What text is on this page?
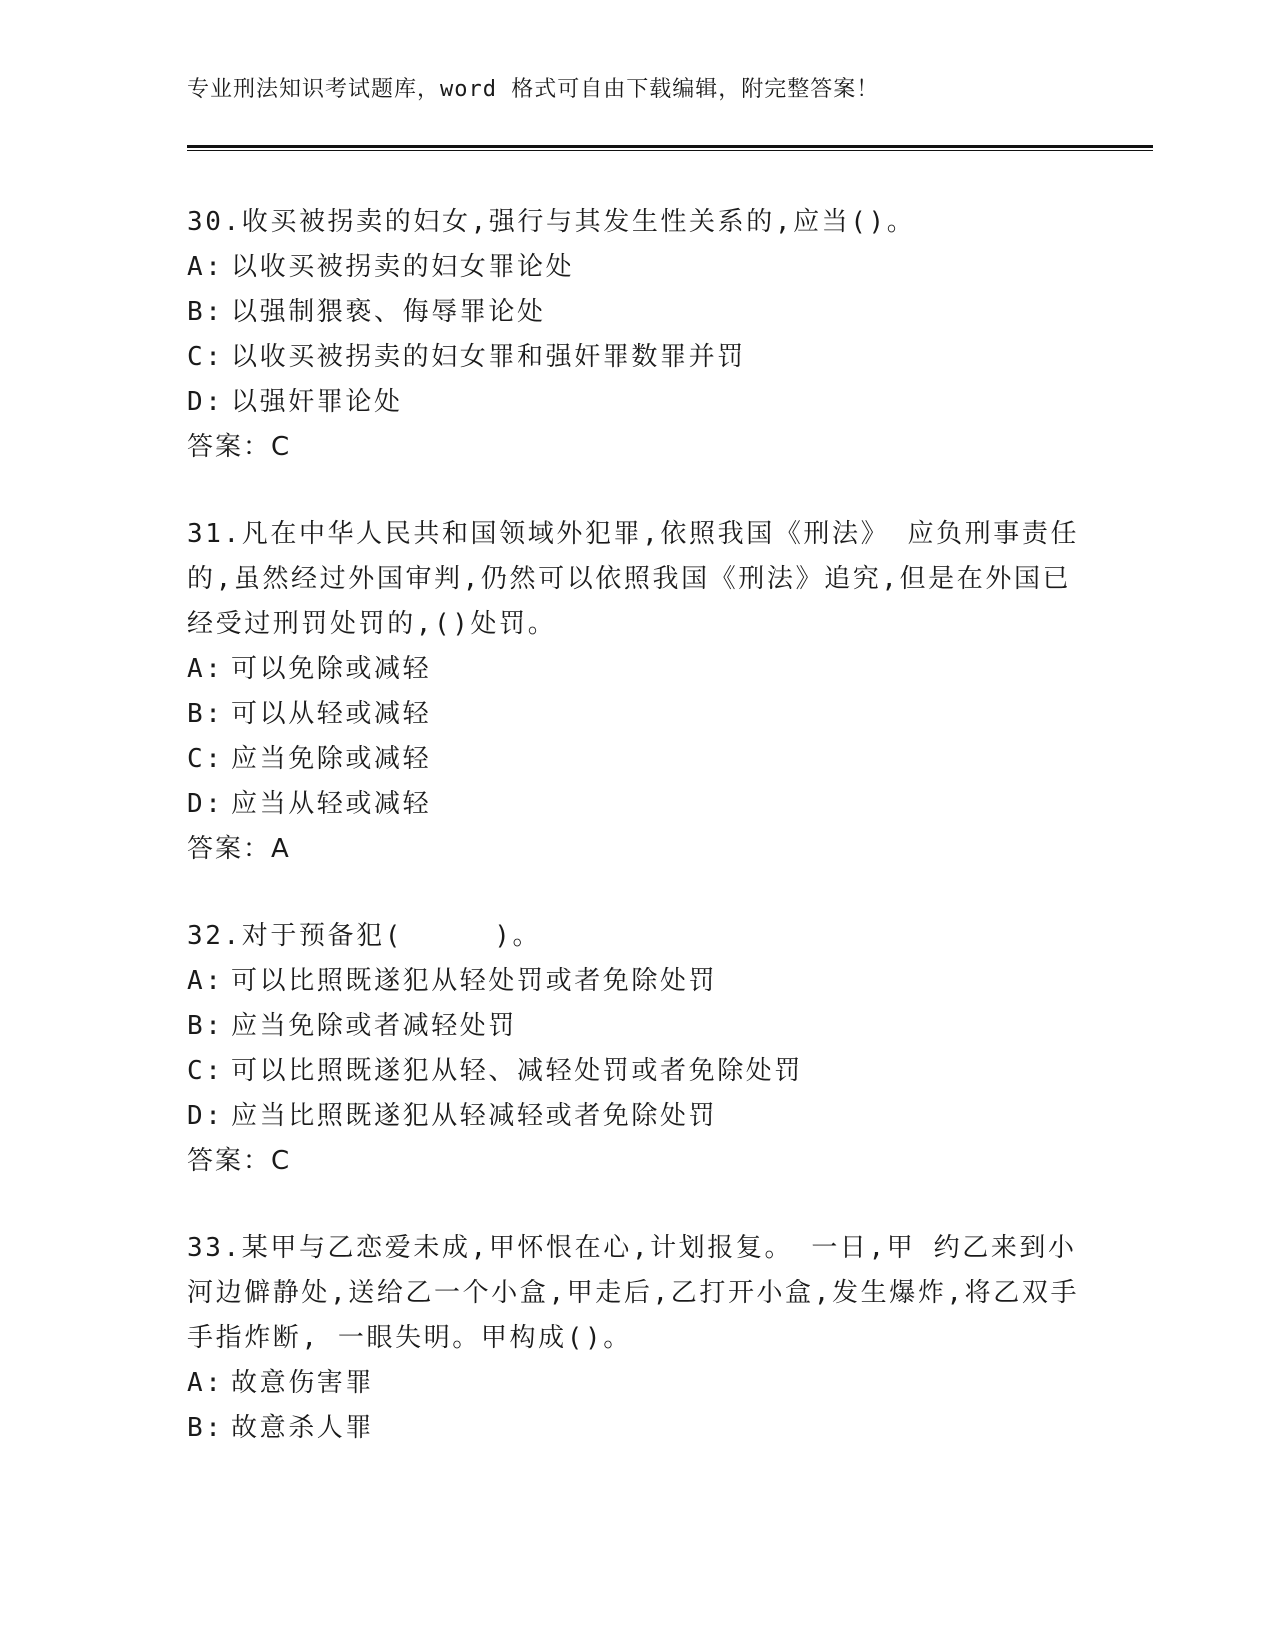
专业刑法知识考试题库，word 格式可自由下载编辑，附完整答案！
30.收买被拐卖的妇女,强行与其发生性关系的,应当()。
A: 以收买被拐卖的妇女罪论处
B: 以强制猥亵、侮辱罪论处
C: 以收买被拐卖的妇女罪和强奸罪数罪并罚
D: 以强奸罪论处
答案：C
31.凡在中华人民共和国领域外犯罪,依照我国《刑法》 应负刑事责任
的,虽然经过外国审判,仍然可以依照我国《刑法》追究,但是在外国已
经受过刑罚处罚的,()处罚。
A: 可以免除或减轻
B: 可以从轻或减轻
C: 应当免除或减轻
D: 应当从轻或减轻
答案：A
32.对于预备犯(     )。
A: 可以比照既遂犯从轻处罚或者免除处罚
B: 应当免除或者减轻处罚
C: 可以比照既遂犯从轻、减轻处罚或者免除处罚
D: 应当比照既遂犯从轻减轻或者免除处罚
答案：C
33.某甲与乙恋爱未成,甲怀恨在心,计划报复。 一日,甲 约乙来到小
河边僻静处,送给乙一个小盒,甲走后,乙打开小盒,发生爆炸,将乙双手
手指炸断, 一眼失明。甲构成()。
A: 故意伤害罪
B: 故意杀人罪
